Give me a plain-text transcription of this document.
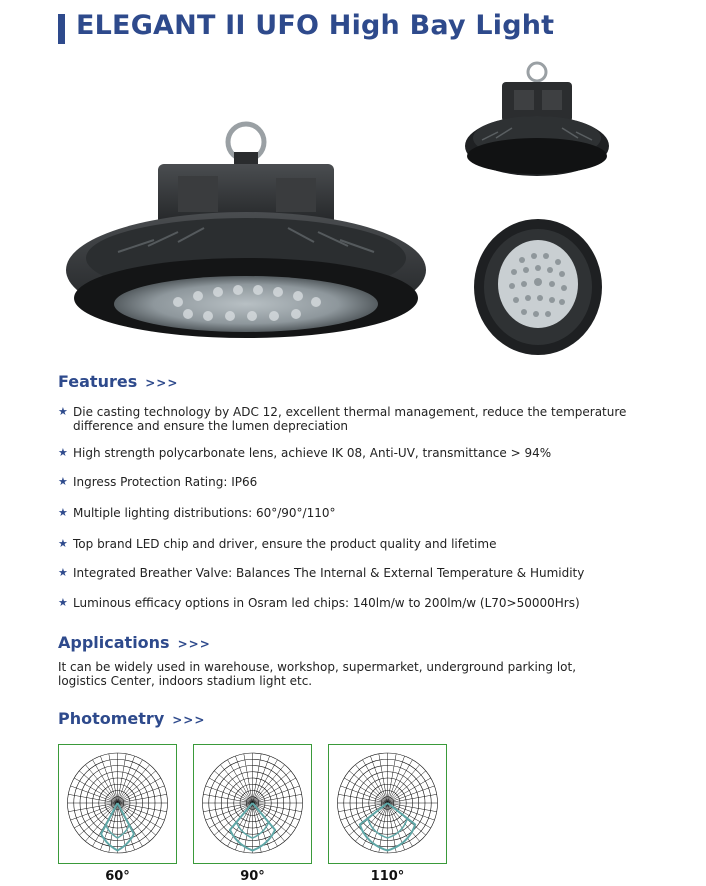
ELEGANT II UFO High Bay Light
Features >>>
★ Die casting technology by ADC 12, excellent thermal management, reduce the temperature difference and ensure the lumen depreciation
★ High strength polycarbonate lens, achieve IK 08, Anti-UV, transmittance > 94%
★ Ingress Protection Rating: IP66
★ Multiple lighting distributions: 60°/90°/110°
★ Top brand LED chip and driver, ensure the product quality and lifetime
★ Integrated Breather Valve: Balances The Internal & External Temperature & Humidity
★ Luminous efficacy options in Osram led chips: 140lm/w to 200lm/w (L70>50000Hrs)
Applications >>>

It can be widely used in warehouse, workshop, supermarket, underground parking lot, logistics Center, indoors stadium light etc.

Photometry >>>
60°	90°	110°
